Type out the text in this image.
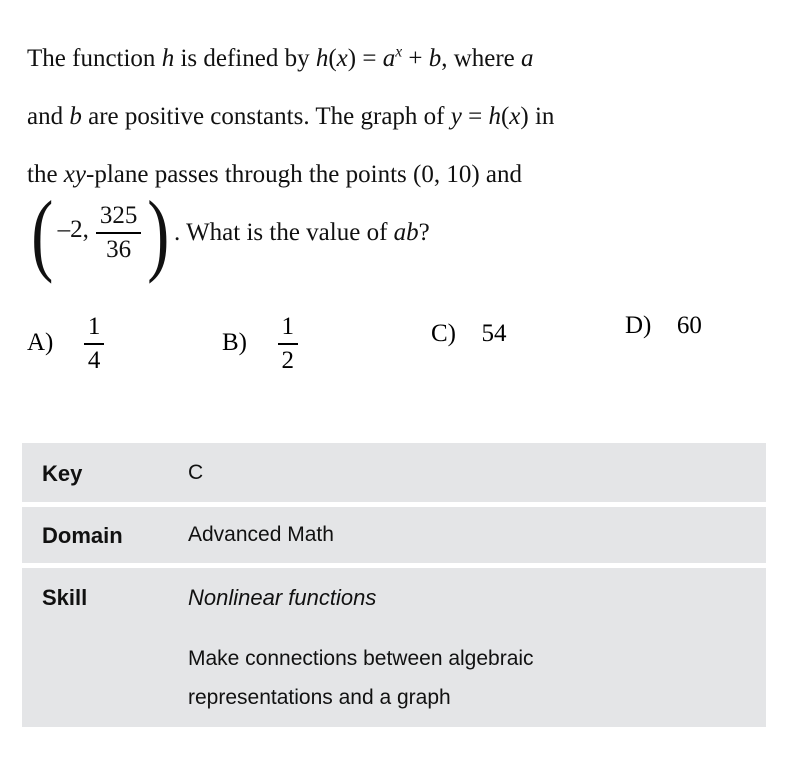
The function h is defined by $h(x) = a^x + b$, where a
and b are positive constants. The graph of y = h(x) in
the xy-plane passes through the points (0, 10) and
( –2, $\frac{325}{36}$ ) . What is the value of ab?
$A) \frac{1}{4}$	$B) \frac{1}{2}$	C) 54	D) 60
Key	C
Domain	Advanced Math
Skill	Nonlinear functions
Make connections between algebraic
representations and a graph
